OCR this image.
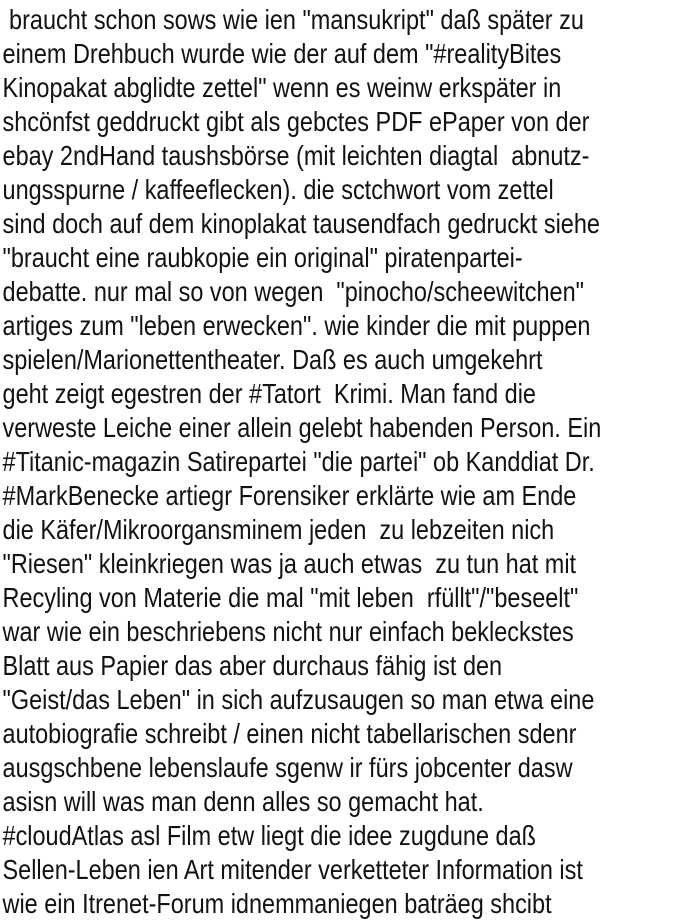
braucht schon sows wie ien "mansukript" daß später zu
einem Drehbuch wurde wie der auf dem "#realityBites
Kinopakat abglidte zettel" wenn es weinw erkspäter in
shcönfst geddruckt gibt als gebctes PDF ePaper von der
ebay 2ndHand taushsbörse (mit leichten diagtal  abnutz-
ungsspurne / kaffeeflecken). die sctchwort vom zettel
sind doch auf dem kinoplakat tausendfach gedruckt siehe
"braucht eine raubkopie ein original" piratenpartei-
debatte. nur mal so von wegen  "pinocho/scheewitchen"
artiges zum "leben erwecken". wie kinder die mit puppen
spielen/Marionettentheater. Daß es auch umgekehrt
geht zeigt egestren der #Tatort  Krimi. Man fand die
verweste Leiche einer allein gelebt habenden Person. Ein
#Titanic-magazin Satirepartei "die partei" ob Kanddiat Dr.
#MarkBenecke artiegr Forensiker erklärte wie am Ende
die Käfer/Mikroorgansminem jeden  zu lebzeiten nich
"Riesen" kleinkriegen was ja auch etwas  zu tun hat mit
Recyling von Materie die mal "mit leben  rfüllt"/"beseelt"
war wie ein beschriebens nicht nur einfach bekleckstes
Blatt aus Papier das aber durchaus fähig ist den
"Geist/das Leben" in sich aufzusaugen so man etwa eine
autobiografie schreibt / einen nicht tabellarischen sdenr
ausgschbene lebenslaufe sgenw ir fürs jobcenter dasw
asisn will was man denn alles so gemacht hat.
#cloudAtlas asl Film etw liegt die idee zugdune daß
Sellen-Leben ien Art mitender verketteter Information ist
wie ein Itrenet-Forum idnemmaniegen baträeg shcibt
